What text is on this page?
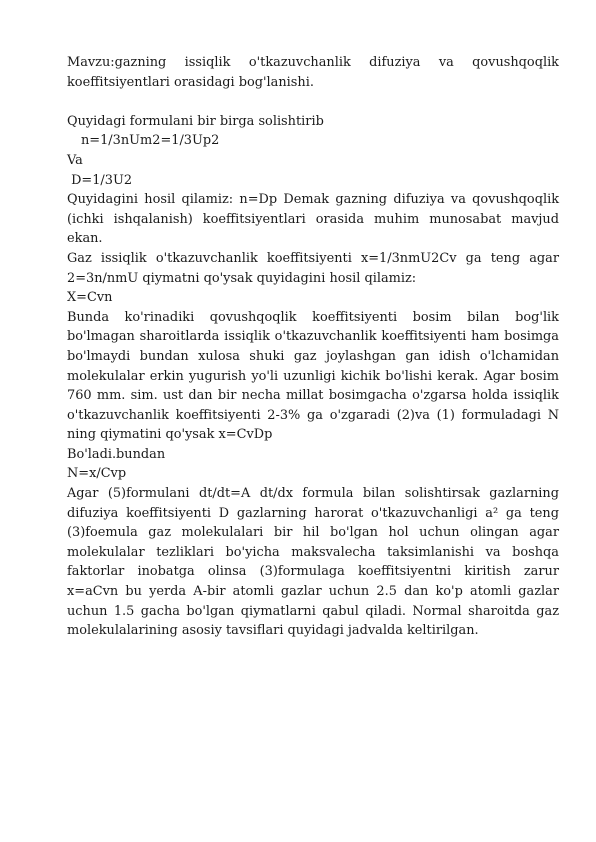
Mavzu:gazning issiqlik o'tkazuvchanlik difuziya va qovushqoqlik koeffitsiyentlari orasidagi bog'lanishi.

Quyidagi formulani bir birga solishtirib

n=1/3nUm2=1/3Up2

Va

D=1/3U2

Quyidagini hosil qilamiz: n=Dp Demak gazning difuziya va qovushqoqlik (ichki ishqalanish) koeffitsiyentlari orasida muhim munosabat mavjud ekan.

Gaz issiqlik o'tkazuvchanlik koeffitsiyenti x=1/3nmU2Cv ga teng agar 2=3n/nmU qiymatni qo'ysak quyidagini hosil qilamiz:

X=Cvn

Bunda ko'rinadiki qovushqoqlik koeffitsiyenti bosim bilan bog'lik bo'lmagan sharoitlarda issiqlik o'tkazuvchanlik koeffitsiyenti ham bosimga bo'lmaydi bundan xulosa shuki gaz joylashgan gan idish o'lchamidan molekulalar erkin yugurish yo'li uzunligi kichik bo'lishi kerak. Agar bosim 760 mm. sim. ust dan bir necha millat bosimgacha o'zgarsa holda issiqlik o'tkazuvchanlik koeffitsiyenti 2-3% ga o'zgaradi (2)va (1) formuladagi N ning qiymatini qo'ysak x=CvDp

Bo'ladi.bundan

N=x/Cvp

Agar (5)formulani dt/dt=A dt/dx formula bilan solishtirsak gazlarning difuziya koeffitsiyenti D gazlarning harorat o'tkazuvchanligi a² ga teng (3)foemula gaz molekulalari bir hil bo'lgan hol uchun olingan agar molekulalar tezliklari bo'yicha maksvalecha taksimlanishi va boshqa faktorlar inobatga olinsa (3)formulaga koeffitsiyentni kiritish zarur x=aCvn bu yerda A-bir atomli gazlar uchun 2.5 dan ko'p atomli gazlar uchun 1.5 gacha bo'lgan qiymatlarni qabul qiladi. Normal sharoitda gaz molekulalarining asosiy tavsiflari quyidagi jadvalda keltirilgan.
